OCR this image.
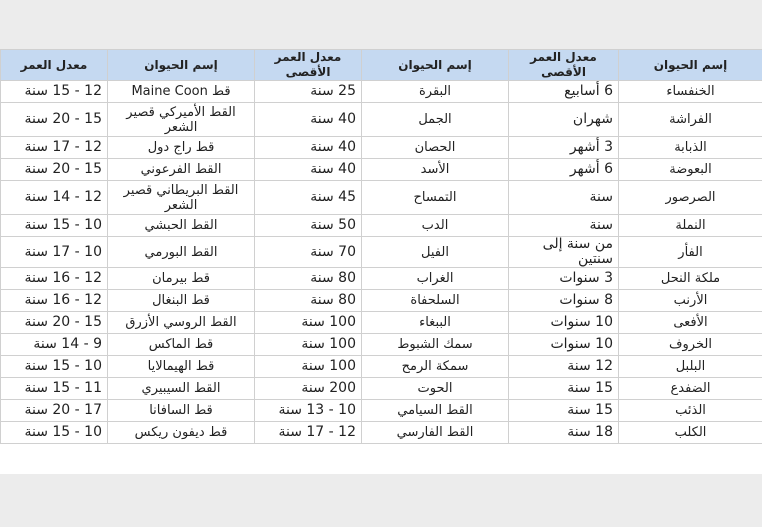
إسم الحيوان	معدل العمر الأقصى	إسم الحيوان	معدل العمر الأقصى	إسم الحيوان	معدل العمر
الخنفساء	6 أسابيع	البقرة	25 سنة	قط Maine Coon	12 - 15 سنة
الفراشة	شهران	الجمل	40 سنة	القط الأميركي قصير الشعر	15 - 20 سنة
الذبابة	3 أشهر	الحصان	40 سنة	قط راج دول	12 - 17 سنة
البعوضة	6 أشهر	الأسد	40 سنة	القط الفرعوني	15 - 20 سنة
الصرصور	سنة	التمساح	45 سنة	القط البريطاني قصير الشعر	12 - 14 سنة
النملة	سنة	الدب	50 سنة	القط الحبشي	10 - 15 سنة
الفأر	من سنة إلى سنتين	الفيل	70 سنة	القط البورمي	10 - 17 سنة
ملكة النحل	3 سنوات	الغراب	80 سنة	قط بيرمان	12 - 16 سنة
الأرنب	8 سنوات	السلحفاة	80 سنة	قط البنغال	12 - 16 سنة
الأفعى	10 سنوات	الببغاء	100 سنة	القط الروسي الأزرق	15 - 20 سنة
الخروف	10 سنوات	سمك الشبوط	100 سنة	قط الماكس	9 - 14 سنة
البلبل	12 سنة	سمكة الرمح	100 سنة	قط الهيمالايا	10 - 15 سنة
الضفدع	15 سنة	الحوت	200 سنة	القط السيبيري	11 - 15 سنة
الذئب	15 سنة	القط السيامي	10 - 13 سنة	قط السافانا	17 - 20 سنة
الكلب	18 سنة	القط الفارسي	12 - 17 سنة	قط ديفون ريكس	10 - 15 سنة
